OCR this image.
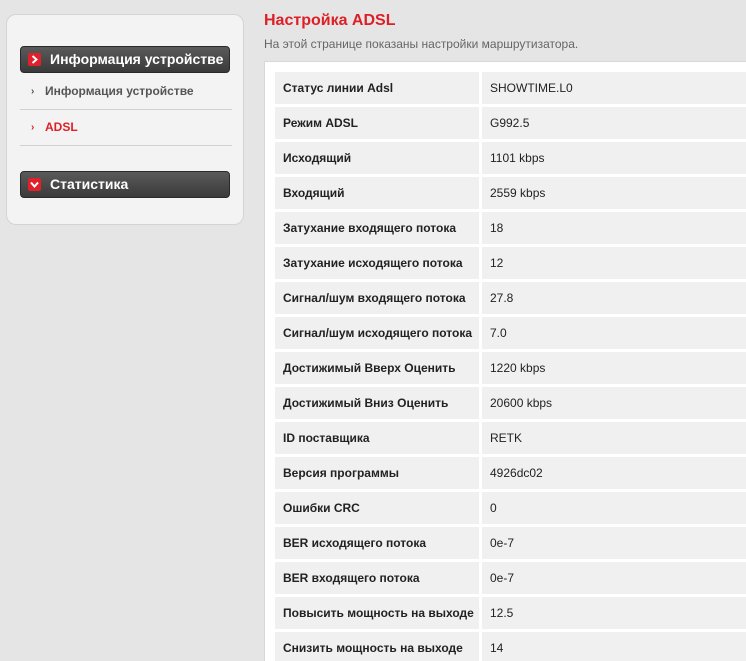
Информация устройстве
› Информация устройстве
› ADSL
Статистика
Настройка ADSL
На этой странице показаны настройки маршрутизатора.
Статус линии Adsl		SHOWTIME.L0
Режим ADSL		G992.5
Исходящий		1101 kbps
Входящий		2559 kbps
Затухание входящего потока		18
Затухание исходящего потока		12
Сигнал/шум входящего потока		27.8
Сигнал/шум исходящего потока		7.0
Достижимый Вверх Оценить		1220 kbps
Достижимый Вниз Оценить		20600 kbps
ID поставщика		RETK
Версия программы		4926dc02
Ошибки CRC		0
BER исходящего потока		0e-7
BER входящего потока		0e-7
Повысить мощность на выходе		12.5
Снизить мощность на выходе		14
